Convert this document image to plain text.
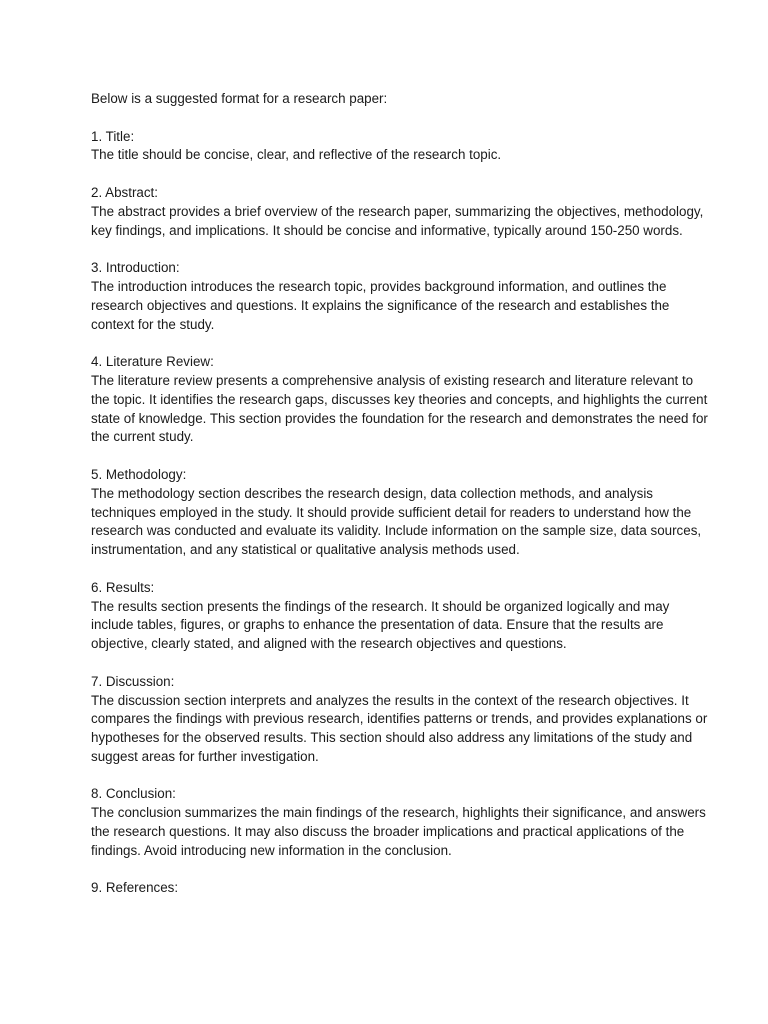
Below is a suggested format for a research paper:

1. Title:
The title should be concise, clear, and reflective of the research topic.
2. Abstract:
The abstract provides a brief overview of the research paper, summarizing the objectives, methodology, key findings, and implications. It should be concise and informative, typically around 150-250 words.
3. Introduction:
The introduction introduces the research topic, provides background information, and outlines the research objectives and questions. It explains the significance of the research and establishes the context for the study.
4. Literature Review:
The literature review presents a comprehensive analysis of existing research and literature relevant to the topic. It identifies the research gaps, discusses key theories and concepts, and highlights the current state of knowledge. This section provides the foundation for the research and demonstrates the need for the current study.
5. Methodology:
The methodology section describes the research design, data collection methods, and analysis techniques employed in the study. It should provide sufficient detail for readers to understand how the research was conducted and evaluate its validity. Include information on the sample size, data sources, instrumentation, and any statistical or qualitative analysis methods used.
6. Results:
The results section presents the findings of the research. It should be organized logically and may include tables, figures, or graphs to enhance the presentation of data. Ensure that the results are objective, clearly stated, and aligned with the research objectives and questions.
7. Discussion:
The discussion section interprets and analyzes the results in the context of the research objectives. It compares the findings with previous research, identifies patterns or trends, and provides explanations or hypotheses for the observed results. This section should also address any limitations of the study and suggest areas for further investigation.
8. Conclusion:
The conclusion summarizes the main findings of the research, highlights their significance, and answers the research questions. It may also discuss the broader implications and practical applications of the findings. Avoid introducing new information in the conclusion.
9. References:
